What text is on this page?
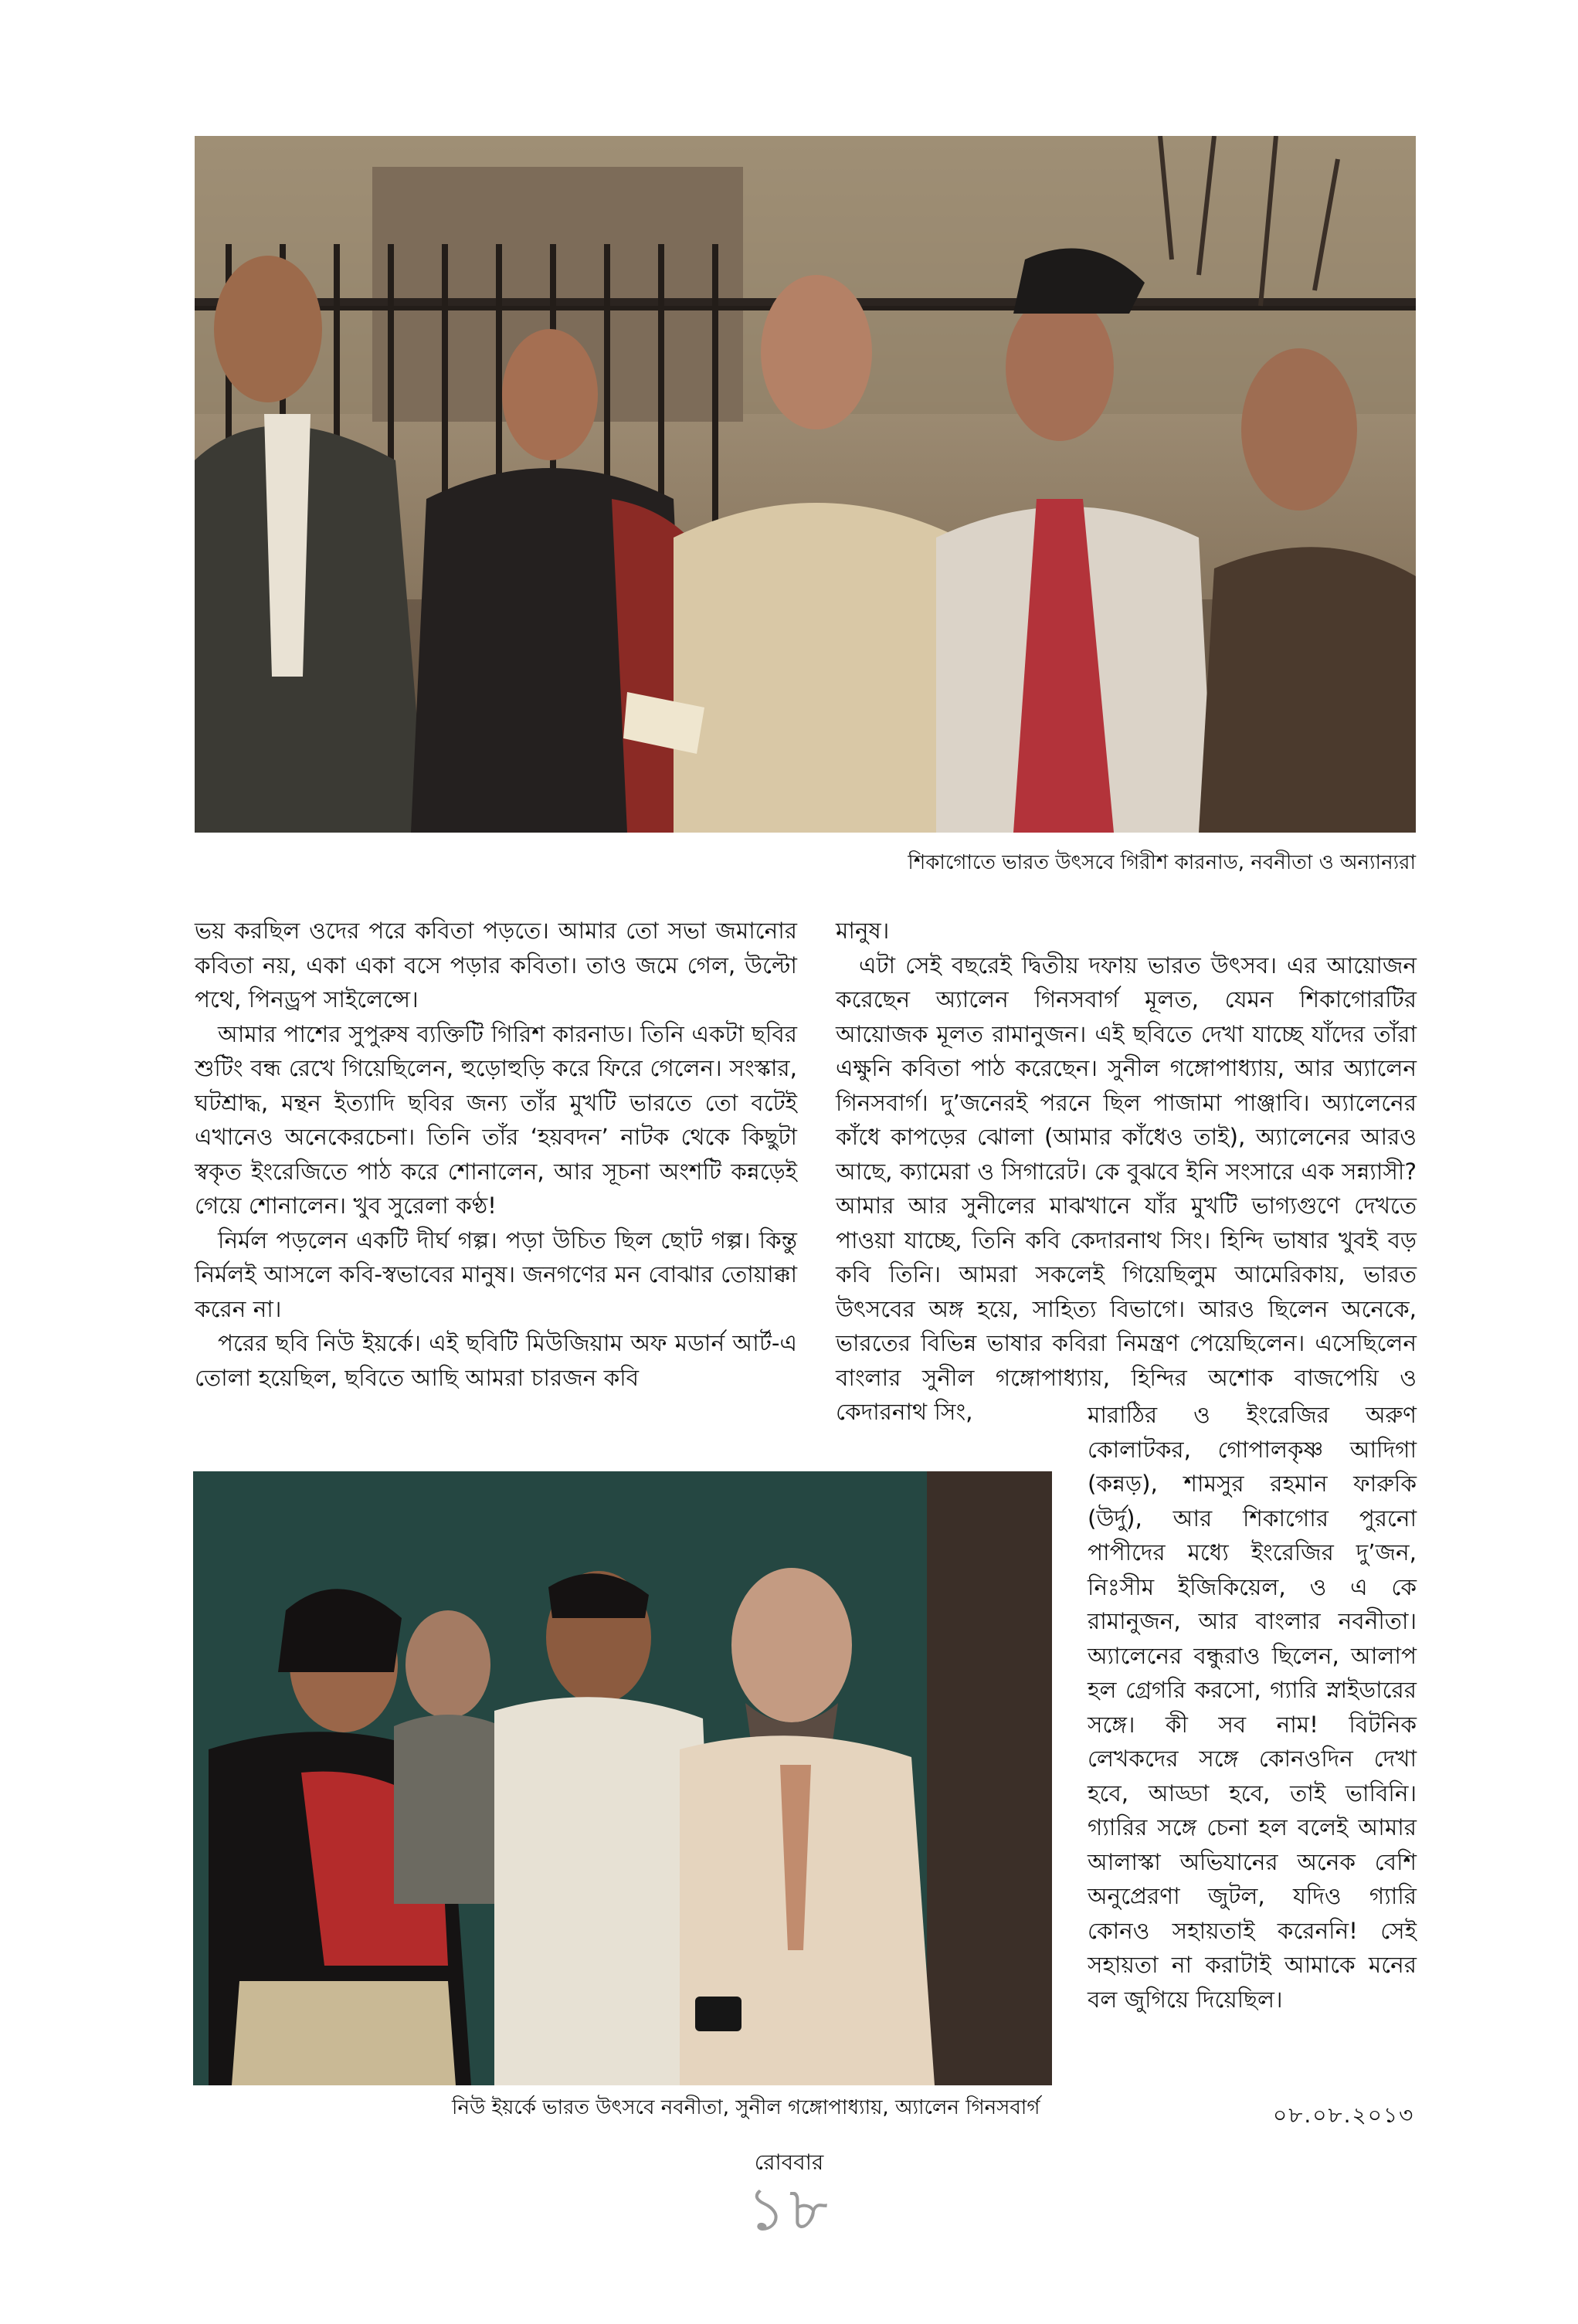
শিকাগোতে ভারত উৎসবে গিরীশ কারনাড, নবনীতা ও অন্যান্যরা

ভয় করছিল ওদের পরে কবিতা পড়তে। আমার তো সভা জমানোর কবিতা নয়, একা একা বসে পড়ার কবিতা। তাও জমে গেল, উল্টো পথে, পিনড্রপ সাইলেন্সে।

আমার পাশের সুপুরুষ ব্যক্তিটি গিরিশ কারনাড। তিনি একটা ছবির শুটিং বন্ধ রেখে গিয়েছিলেন, হুড়োহুড়ি করে ফিরে গেলেন। সংস্কার, ঘটশ্রাদ্ধ, মন্থন ইত্যাদি ছবির জন্য তাঁর মুখটি ভারতে তো বটেই এখানেও অনেকেরচেনা। তিনি তাঁর ‘হয়বদন’ নাটক থেকে কিছুটা স্বকৃত ইংরেজিতে পাঠ করে শোনালেন, আর সূচনা অংশটি কন্নড়েই গেয়ে শোনালেন। খুব সুরেলা কণ্ঠ!

নির্মল পড়লেন একটি দীর্ঘ গল্প। পড়া উচিত ছিল ছোট গল্প। কিন্তু নির্মলই আসলে কবি-স্বভাবের মানুষ। জনগণের মন বোঝার তোয়াক্কা করেন না।

পরের ছবি নিউ ইয়র্কে। এই ছবিটি মিউজিয়াম অফ মডার্ন আর্ট-এ তোলা হয়েছিল, ছবিতে আছি আমরা চারজন কবি

মানুষ।

এটা সেই বছরেই দ্বিতীয় দফায় ভারত উৎসব। এর আয়োজন করেছেন অ্যালেন গিনসবার্গ মূলত, যেমন শিকাগোরটির আয়োজক মূলত রামানুজন। এই ছবিতে দেখা যাচ্ছে যাঁদের তাঁরা এক্ষুনি কবিতা পাঠ করেছেন। সুনীল গঙ্গোপাধ্যায়, আর অ্যালেন গিনসবার্গ। দু’জনেরই পরনে ছিল পাজামা পাঞ্জাবি। অ্যালেনের কাঁধে কাপড়ের ঝোলা (আমার কাঁধেও তাই), অ্যালেনের আরও আছে, ক্যামেরা ও সিগারেট। কে বুঝবে ইনি সংসারে এক সন্ন্যাসী? আমার আর সুনীলের মাঝখানে যাঁর মুখটি ভাগ্যগুণে দেখতে পাওয়া যাচ্ছে, তিনি কবি কেদারনাথ সিং। হিন্দি ভাষার খুবই বড় কবি তিনি। আমরা সকলেই গিয়েছিলুম আমেরিকায়, ভারত উৎসবের অঙ্গ হয়ে, সাহিত্য বিভাগে। আরও ছিলেন অনেকে, ভারতের বিভিন্ন ভাষার কবিরা নিমন্ত্রণ পেয়েছিলেন। এসেছিলেন বাংলার সুনীল গঙ্গোপাধ্যায়, হিন্দির অশোক বাজপেয়ি ও কেদারনাথ সিং,	মারাঠির ও ইংরেজির অরুণ কোলাটকর, গোপালকৃষ্ণ আদিগা (কন্নড়), শামসুর রহমান ফারুকি (উর্দু), আর শিকাগোর পুরনো পাপীদের মধ্যে ইংরেজির দু’জন, নিঃসীম ইজিকিয়েল, ও এ কে রামানুজন, আর বাংলার নবনীতা। অ্যালেনের বন্ধুরাও ছিলেন, আলাপ হল গ্রেগরি করসো, গ্যারি স্নাইডারের সঙ্গে। কী সব নাম! বিটনিক লেখকদের সঙ্গে কোনওদিন দেখা হবে, আড্ডা হবে, তাই ভাবিনি। গ্যারির সঙ্গে চেনা হল বলেই আমার আলাস্কা অভিযানের অনেক বেশি অনুপ্রেরণা জুটল, যদিও গ্যারি কোনও সহায়তাই করেননি! সেই সহায়তা না করাটাই আমাকে মনের বল জুগিয়ে দিয়েছিল।

নিউ ইয়র্কে ভারত উৎসবে নবনীতা, সুনীল গঙ্গোপাধ্যায়, অ্যালেন গিনসবার্গ	০৮.০৮.২০১৩
রোববার
১৮
